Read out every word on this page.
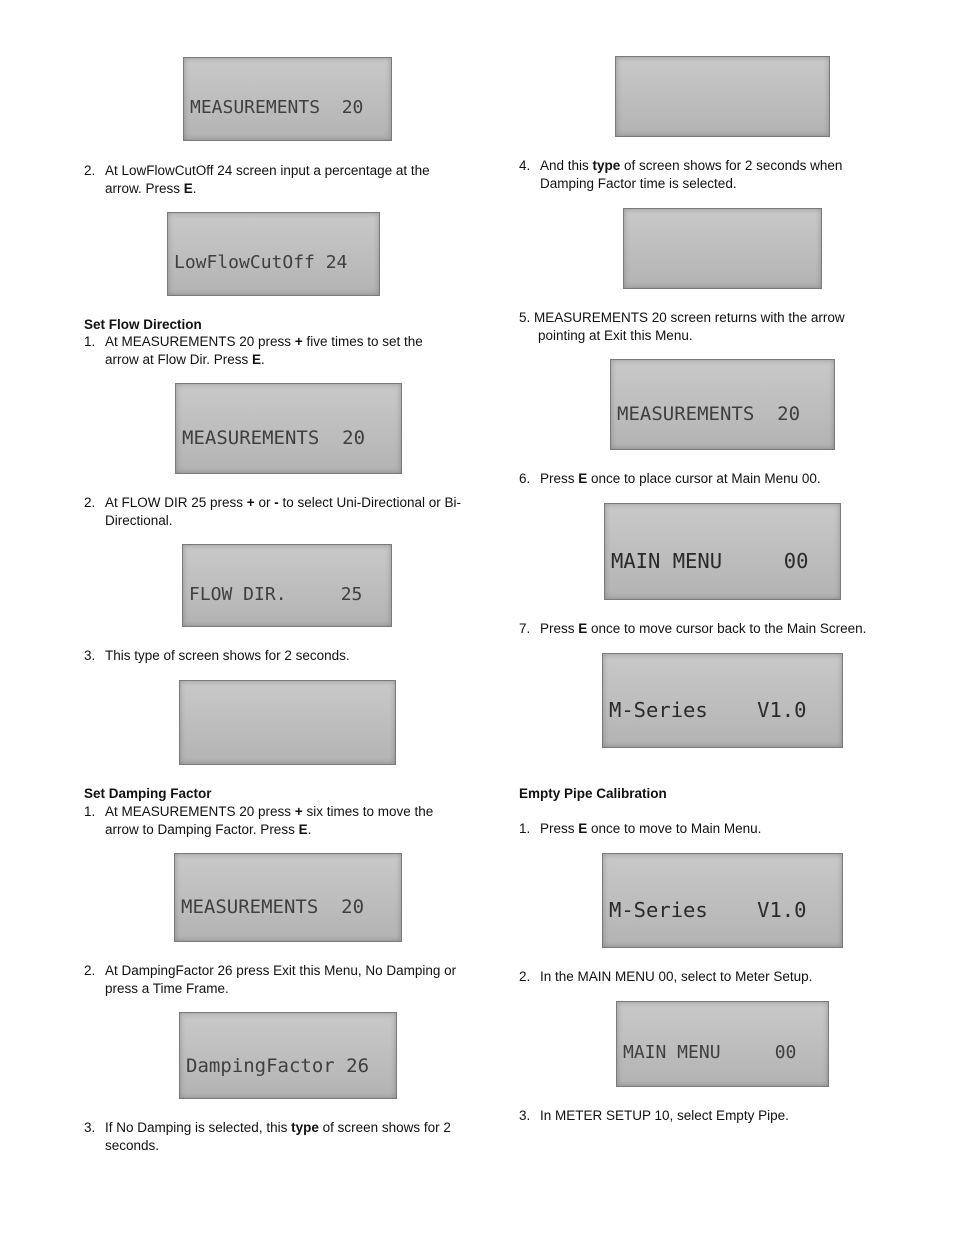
MEASUREMENTS  20

2. At LowFlowCutOff 24 screen input a percentage at the arrow. Press E.

LowFlowCutOff 24

Set Flow Direction
1. At MEASUREMENTS 20 press + five times to set the arrow at Flow Dir. Press E.

MEASUREMENTS  20

2. At FLOW DIR 25 press + or - to select Uni-Directional or Bi-Directional.

FLOW DIR.     25

3. This type of screen shows for 2 seconds.

Set Damping Factor
1. At MEASUREMENTS 20 press + six times to move the arrow to Damping Factor. Press E.

MEASUREMENTS  20

2. At DampingFactor 26 press Exit this Menu, No Damping or press a Time Frame.

DampingFactor 26

3. If No Damping is selected, this type of screen shows for 2 seconds.

4. And this type of screen shows for 2 seconds when Damping Factor time is selected.

5. MEASUREMENTS 20 screen returns with the arrow
pointing at Exit this Menu.

MEASUREMENTS  20

6. Press E once to place cursor at Main Menu 00.

MAIN MENU     00

7. Press E once to move cursor back to the Main Screen.

M-Series    V1.0

Empty Pipe Calibration
1. Press E once to move to Main Menu.

M-Series    V1.0

2. In the MAIN MENU 00, select to Meter Setup.

MAIN MENU     00

3. In METER SETUP 10, select Empty Pipe.
